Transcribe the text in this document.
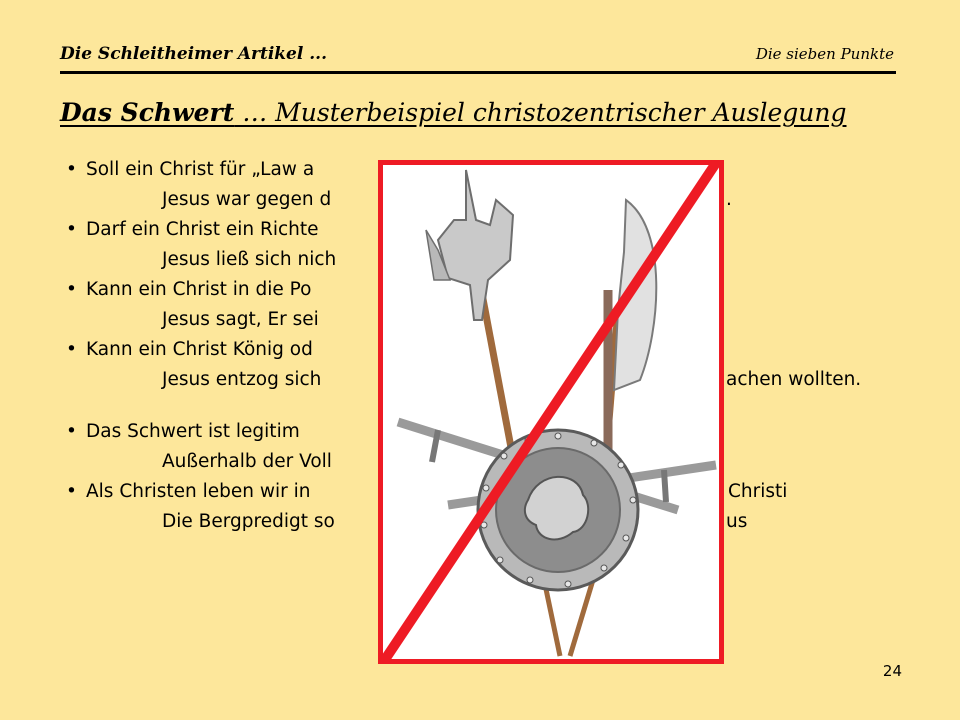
Die Schleitheimer Artikel ...	Die sieben Punkte
Das Schwert … Musterbeispiel christozentrischer Auslegung
• Soll ein Christ für „Law a
Jesus war gegen d
• Darf ein Christ ein Richte
Jesus ließ sich nich
• Kann ein Christ in die Po
Jesus sagt, Er sei
• Kann ein Christ König od
Jesus entzog sich
• Das Schwert ist legitim
Außerhalb der Voll
• Als Christen leben wir in
Die Bergpredigt so
.
achen wollten.
Christi
us
24
